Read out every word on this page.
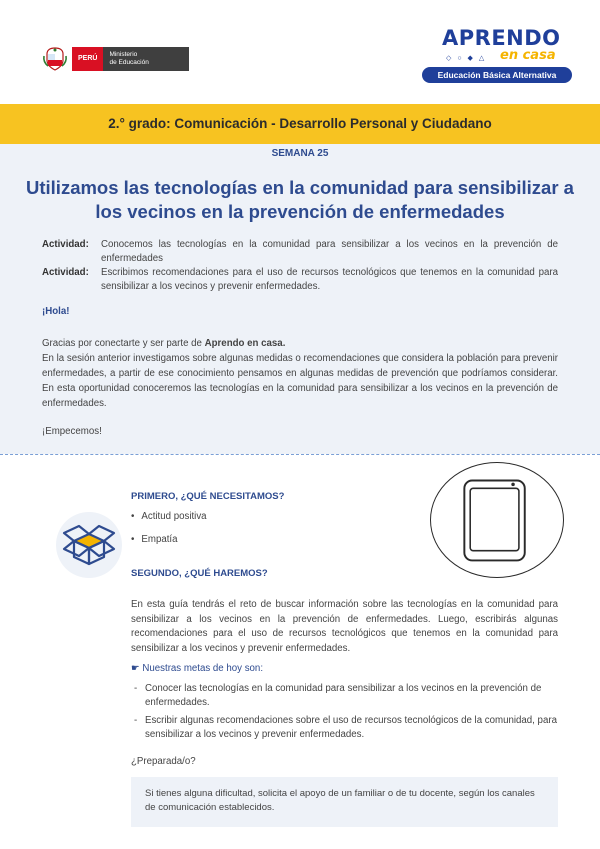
PERÚ
Ministerio
de Educación
APRENDO
◇ ○ ◆ △ en casa
Educación Básica Alternativa
2.° grado: Comunicación - Desarrollo Personal y Ciudadano
SEMANA 25
Utilizamos las tecnologías en la comunidad para sensibilizar a los vecinos en la prevención de enfermedades
Actividad: Conocemos las tecnologías en la comunidad para sensibilizar a los vecinos en la prevención de enfermedades
Actividad: Escribimos recomendaciones para el uso de recursos tecnológicos que tenemos en la comunidad para sensibilizar a los vecinos y prevenir enfermedades.
¡Hola!

Gracias por conectarte y ser parte de Aprendo en casa.

En la sesión anterior investigamos sobre algunas medidas o recomendaciones que considera la población para prevenir enfermedades, a partir de ese conocimiento pensamos en algunas medidas de prevención que podríamos considerar. En esta oportunidad conoceremos las tecnologías en la comunidad para sensibilizar a los vecinos en la prevención de enfermedades.

¡Empecemos!
PRIMERO, ¿QUÉ NECESITAMOS?
• Actitud positiva
• Empatía
SEGUNDO, ¿QUÉ HAREMOS?
En esta guía tendrás el reto de buscar información sobre las tecnologías en la comunidad para sensibilizar a los vecinos en la prevención de enfermedades. Luego, escribirás algunas recomendaciones para el uso de recursos tecnológicos que tenemos en la comunidad para sensibilizar a los vecinos y prevenir enfermedades.
☛ Nuestras metas de hoy son:
- Conocer las tecnologías en la comunidad para sensibilizar a los vecinos en la prevención de enfermedades.
- Escribir algunas recomendaciones sobre el uso de recursos tecnológicos de la comunidad, para sensibilizar a los vecinos y prevenir enfermedades.
¿Preparada/o?
Si tienes alguna dificultad, solicita el apoyo de un familiar o de tu docente, según los canales de comunicación establecidos.
